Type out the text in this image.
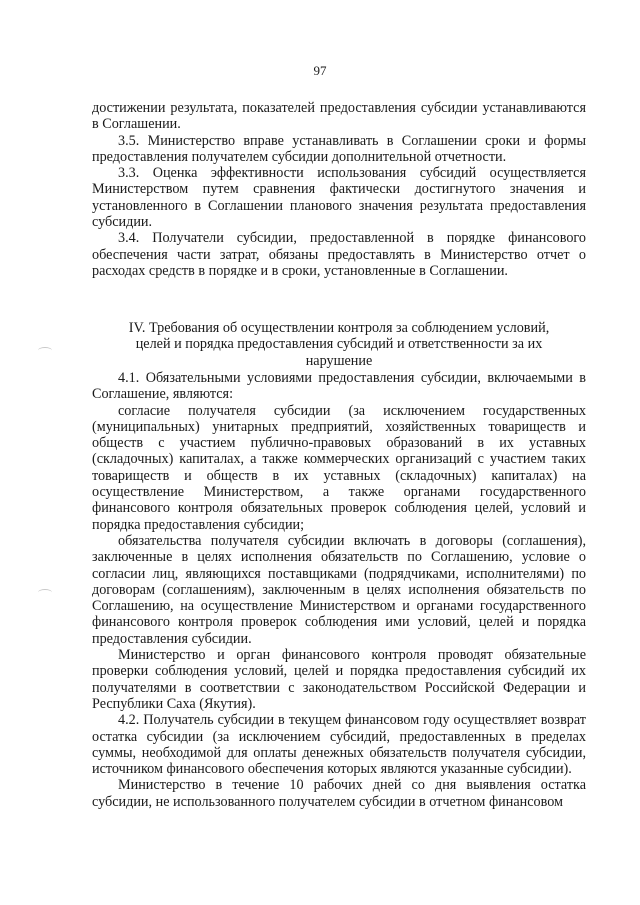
97

достижении результата, показателей предоставления субсидии устанавливаются в Соглашении.

3.5. Министерство вправе устанавливать в Соглашении сроки и формы предоставления получателем субсидии дополнительной отчетности.

3.3. Оценка эффективности использования субсидий осуществляется Министерством путем сравнения фактически достигнутого значения и установленного в Соглашении планового значения результата предоставления субсидии.

3.4. Получатели субсидии, предоставленной в порядке финансового обеспечения части затрат, обязаны предоставлять в Министерство отчет о расходах средств в порядке и в сроки, установленные в Соглашении.

IV. Требования об осуществлении контроля за соблюдением условий,

целей и порядка предоставления субсидий и ответственности за их

нарушение

4.1. Обязательными условиями предоставления субсидии, включаемыми в Соглашение, являются:

согласие получателя субсидии (за исключением государственных (муниципальных) унитарных предприятий, хозяйственных товариществ и обществ с участием публично-правовых образований в их уставных (складочных) капиталах, а также коммерческих организаций с участием таких товариществ и обществ в их уставных (складочных) капиталах) на осуществление Министерством, а также органами государственного финансового контроля обязательных проверок соблюдения целей, условий и порядка предоставления субсидии;

обязательства получателя субсидии включать в договоры (соглашения), заключенные в целях исполнения обязательств по Соглашению, условие о согласии лиц, являющихся поставщиками (подрядчиками, исполнителями) по договорам (соглашениям), заключенным в целях исполнения обязательств по Соглашению, на осуществление Министерством и органами государственного финансового контроля проверок соблюдения ими условий, целей и порядка предоставления субсидии.

Министерство и орган финансового контроля проводят обязательные проверки соблюдения условий, целей и порядка предоставления субсидий их получателями в соответствии с законодательством Российской Федерации и Республики Саха (Якутия).

4.2. Получатель субсидии в текущем финансовом году осуществляет возврат остатка субсидии (за исключением субсидий, предоставленных в пределах суммы, необходимой для оплаты денежных обязательств получателя субсидии, источником финансового обеспечения которых являются указанные субсидии).

Министерство в течение 10 рабочих дней со дня выявления остатка субсидии, не использованного получателем субсидии в отчетном финансовом
